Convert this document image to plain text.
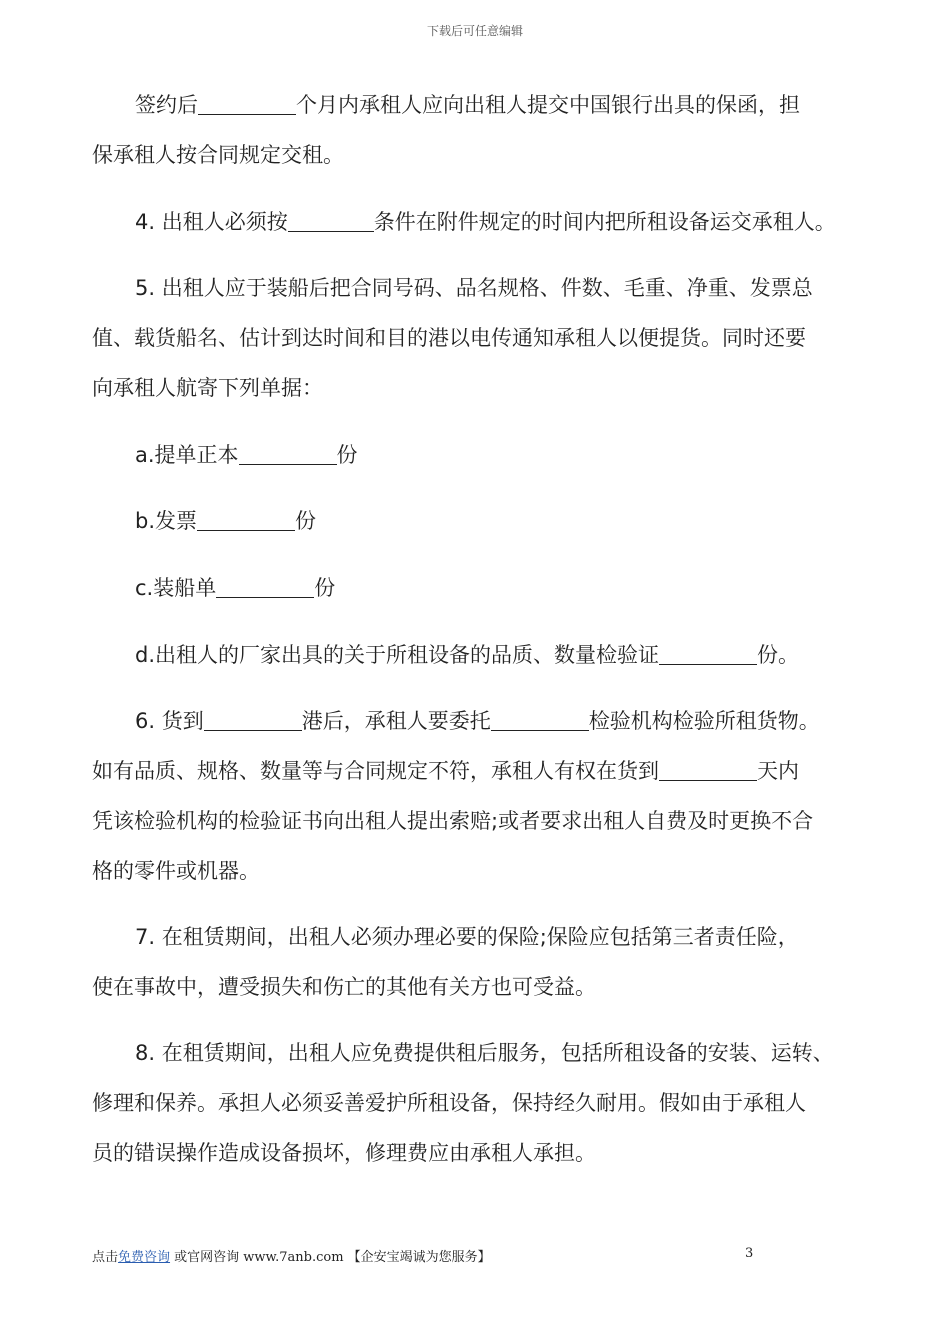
下载后可任意编辑
签约后	个月内承租人应向出租人提交中国银行出具的保函，担
保承租人按合同规定交租。
4. 出租人必须按	条件在附件规定的时间内把所租设备运交承租人。
5. 出租人应于装船后把合同号码、品名规格、件数、毛重、净重、发票总
值、载货船名、估计到达时间和目的港以电传通知承租人以便提货。同时还要
向承租人航寄下列单据：
a.提单正本	份
b.发票	份
c.装船单	份
d.出租人的厂家出具的关于所租设备的品质、数量检验证	份。
6. 货到	港后，承租人要委托	检验机构检验所租货物。
如有品质、规格、数量等与合同规定不符，承租人有权在货到	天内
凭该检验机构的检验证书向出租人提出索赔;或者要求出租人自费及时更换不合
格的零件或机器。
7. 在租赁期间，出租人必须办理必要的保险;保险应包括第三者责任险，
使在事故中，遭受损失和伤亡的其他有关方也可受益。
8. 在租赁期间，出租人应免费提供租后服务，包括所租设备的安装、运转、
修理和保养。承担人必须妥善爱护所租设备，保持经久耐用。假如由于承租人
员的错误操作造成设备损坏，修理费应由承租人承担。
点击免费咨询 或官网咨询 www.7anb.com 【企安宝竭诚为您服务】	3
